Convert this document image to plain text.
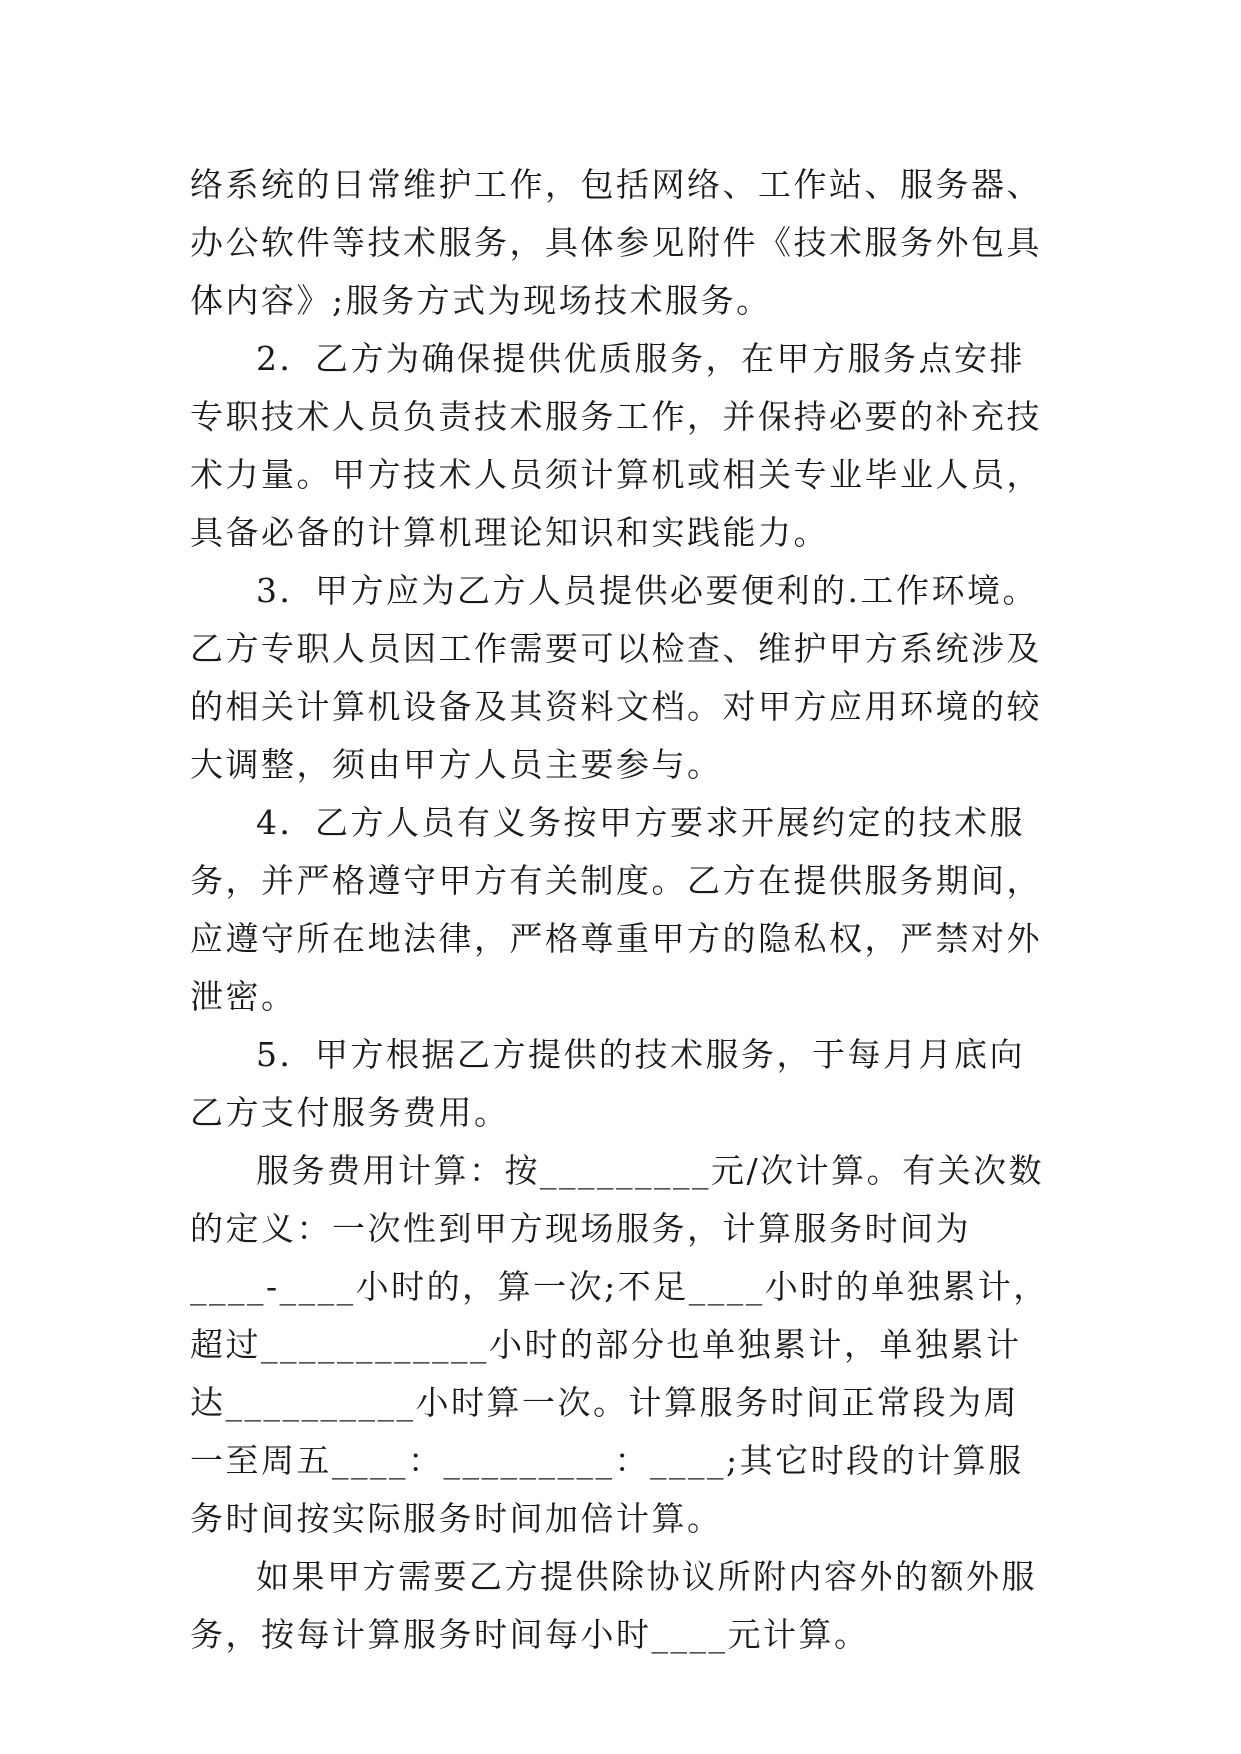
络系统的日常维护工作，包括网络、工作站、服务器、办公软件等技术服务，具体参见附件《技术服务外包具体内容》;服务方式为现场技术服务。

2．乙方为确保提供优质服务，在甲方服务点安排专职技术人员负责技术服务工作，并保持必要的补充技术力量。甲方技术人员须计算机或相关专业毕业人员，具备必备的计算机理论知识和实践能力。

3．甲方应为乙方人员提供必要便利的.工作环境。乙方专职人员因工作需要可以检查、维护甲方系统涉及的相关计算机设备及其资料文档。对甲方应用环境的较大调整，须由甲方人员主要参与。

4．乙方人员有义务按甲方要求开展约定的技术服务，并严格遵守甲方有关制度。乙方在提供服务期间，应遵守所在地法律，严格尊重甲方的隐私权，严禁对外泄密。

5．甲方根据乙方提供的技术服务，于每月月底向乙方支付服务费用。

服务费用计算：按_________元/次计算。有关次数的定义：一次性到甲方现场服务，计算服务时间为____-____小时的，算一次;不足____小时的单独累计，超过____________小时的部分也单独累计，单独累计达__________小时算一次。计算服务时间正常段为周一至周五____：_________：____;其它时段的计算服务时间按实际服务时间加倍计算。

如果甲方需要乙方提供除协议所附内容外的额外服务，按每计算服务时间每小时____元计算。
